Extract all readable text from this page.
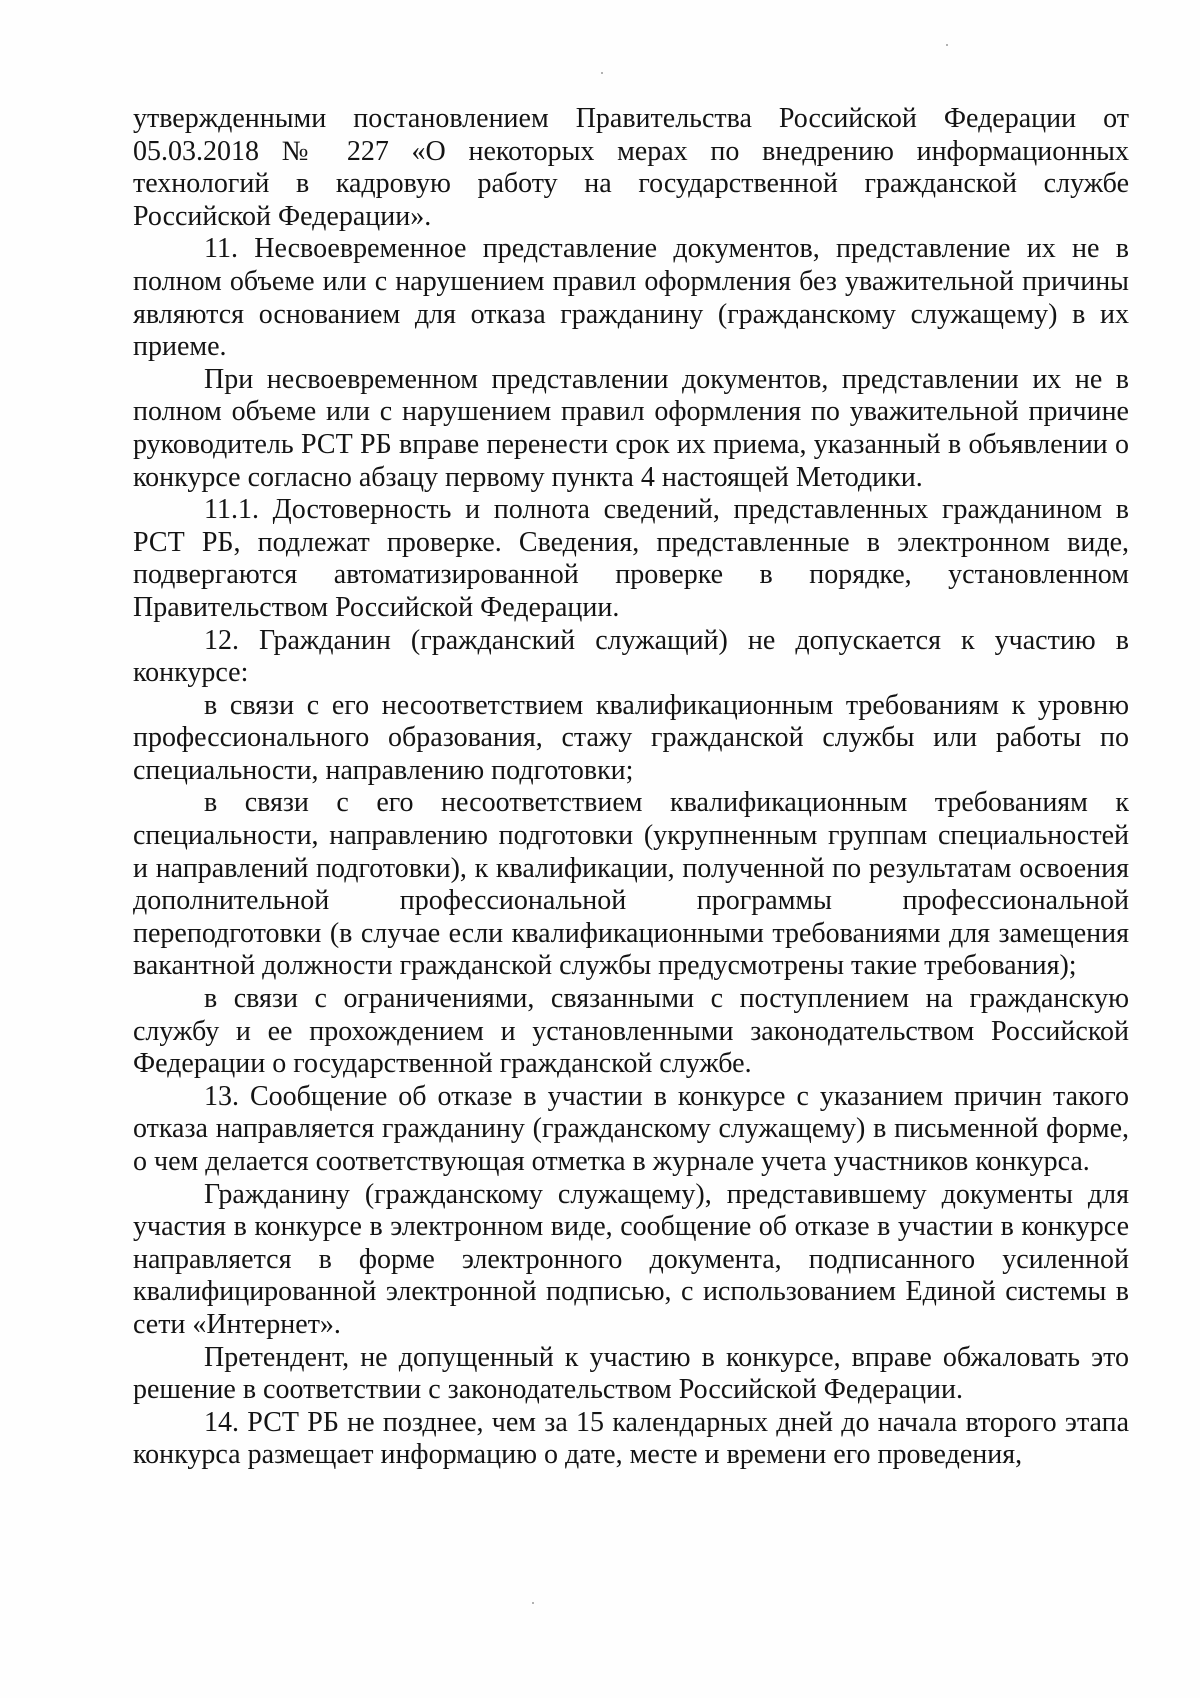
утвержденными постановлением Правительства Российской Федерации от 05.03.2018 № 227 «О некоторых мерах по внедрению информационных технологий в кадровую работу на государственной гражданской службе Российской Федерации».

11. Несвоевременное представление документов, представление их не в полном объеме или с нарушением правил оформления без уважительной причины являются основанием для отказа гражданину (гражданскому служащему) в их приеме.

При несвоевременном представлении документов, представлении их не в полном объеме или с нарушением правил оформления по уважительной причине руководитель РСТ РБ вправе перенести срок их приема, указанный в объявлении о конкурсе согласно абзацу первому пункта 4 настоящей Методики.

11.1. Достоверность и полнота сведений, представленных гражданином в РСТ РБ, подлежат проверке. Сведения, представленные в электронном виде, подвергаются автоматизированной проверке в порядке, установленном Правительством Российской Федерации.

12. Гражданин (гражданский служащий) не допускается к участию в конкурсе:

в связи с его несоответствием квалификационным требованиям к уровню профессионального образования, стажу гражданской службы или работы по специальности, направлению подготовки;

в связи с его несоответствием квалификационным требованиям к специальности, направлению подготовки (укрупненным группам специальностей и направлений подготовки), к квалификации, полученной по результатам освоения дополнительной профессиональной программы профессиональной переподготовки (в случае если квалификационными требованиями для замещения вакантной должности гражданской службы предусмотрены такие требования);

в связи с ограничениями, связанными с поступлением на гражданскую службу и ее прохождением и установленными законодательством Российской Федерации о государственной гражданской службе.

13. Сообщение об отказе в участии в конкурсе с указанием причин такого отказа направляется гражданину (гражданскому служащему) в письменной форме, о чем делается соответствующая отметка в журнале учета участников конкурса.

Гражданину (гражданскому служащему), представившему документы для участия в конкурсе в электронном виде, сообщение об отказе в участии в конкурсе направляется в форме электронного документа, подписанного усиленной квалифицированной электронной подписью, с использованием Единой системы в сети «Интернет».

Претендент, не допущенный к участию в конкурсе, вправе обжаловать это решение в соответствии с законодательством Российской Федерации.

14. РСТ РБ не позднее, чем за 15 календарных дней до начала второго этапа конкурса размещает информацию о дате, месте и времени его проведения,
